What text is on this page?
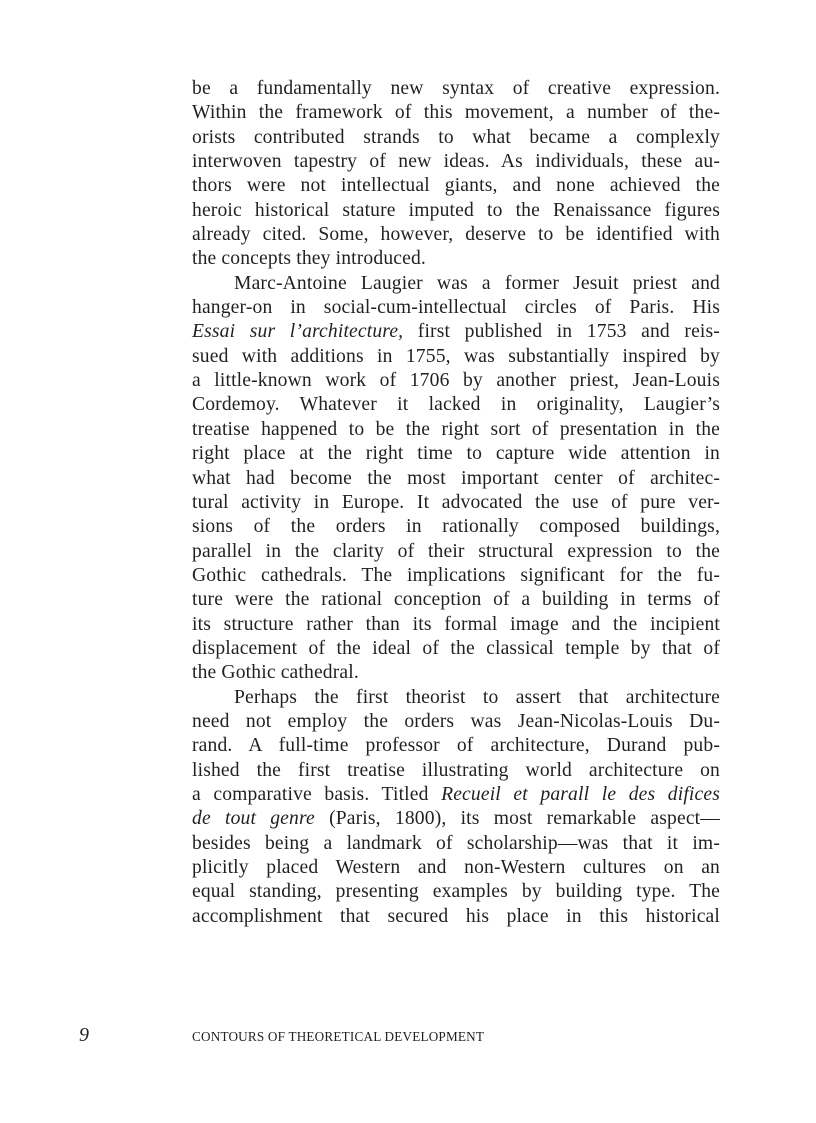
be a fundamentally new syntax of creative expression.
Within the framework of this movement, a number of the-
orists contributed strands to what became a complexly
interwoven tapestry of new ideas. As individuals, these au-
thors were not intellectual giants, and none achieved the
heroic historical stature imputed to the Renaissance figures
already cited. Some, however, deserve to be identified with
the concepts they introduced.
Marc-Antoine Laugier was a former Jesuit priest and
hanger-on in social-cum-intellectual circles of Paris. His
Essai sur l’architecture, first published in 1753 and reis-
sued with additions in 1755, was substantially inspired by
a little-known work of 1706 by another priest, Jean-Louis
Cordemoy. Whatever it lacked in originality, Laugier’s
treatise happened to be the right sort of presentation in the
right place at the right time to capture wide attention in
what had become the most important center of architec-
tural activity in Europe. It advocated the use of pure ver-
sions of the orders in rationally composed buildings,
parallel in the clarity of their structural expression to the
Gothic cathedrals. The implications significant for the fu-
ture were the rational conception of a building in terms of
its structure rather than its formal image and the incipient
displacement of the ideal of the classical temple by that of
the Gothic cathedral.
Perhaps the first theorist to assert that architecture
need not employ the orders was Jean-Nicolas-Louis Du-
rand. A full-time professor of architecture, Durand pub-
lished the first treatise illustrating world architecture on
a comparative basis. Titled Recueil et parall le des difices
de tout genre (Paris, 1800), its most remarkable aspect—
besides being a landmark of scholarship—was that it im-
plicitly placed Western and non-Western cultures on an
equal standing, presenting examples by building type. The
accomplishment that secured his place in this historical
9	CONTOURS OF THEORETICAL DEVELOPMENT
